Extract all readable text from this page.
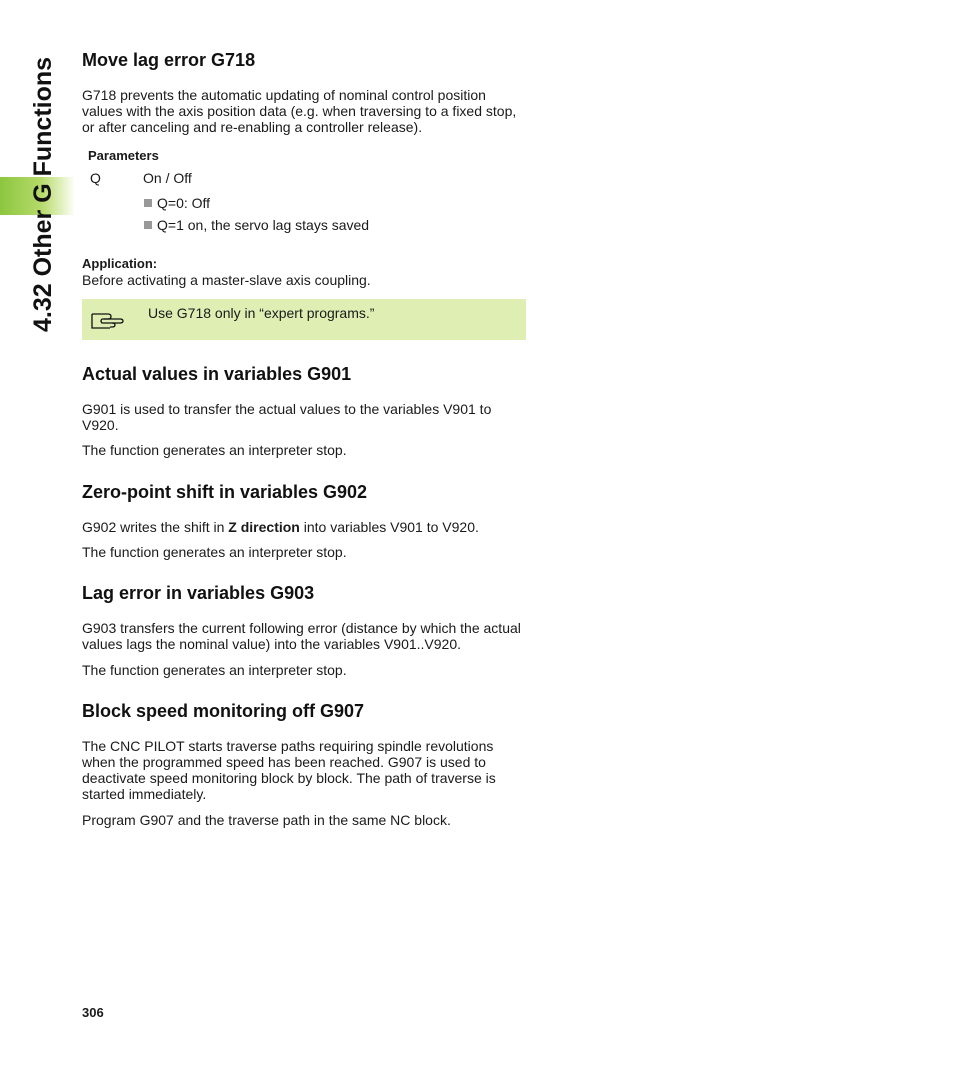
4.32 Other G Functions Move lag error G718

G718 prevents the automatic updating of nominal control position values with the axis position data (e.g. when traversing to a fixed stop, or after canceling and re-enabling a controller release).

Parameters
Q	On / Off
Q=0: Off
Q=1 on, the servo lag stays saved
Application:
Before activating a master-slave axis coupling.
Use G718 only in “expert programs.”
Actual values in variables G901

G901 is used to transfer the actual values to the variables V901 to V920.

The function generates an interpreter stop.

Zero-point shift in variables G902

G902 writes the shift in Z direction into variables V901 to V920.

The function generates an interpreter stop.

Lag error in variables G903

G903 transfers the current following error (distance by which the actual values lags the nominal value) into the variables V901..V920.

The function generates an interpreter stop.

Block speed monitoring off G907

The CNC PILOT starts traverse paths requiring spindle revolutions when the programmed speed has been reached. G907 is used to deactivate speed monitoring block by block. The path of traverse is started immediately.

Program G907 and the traverse path in the same NC block.

306
